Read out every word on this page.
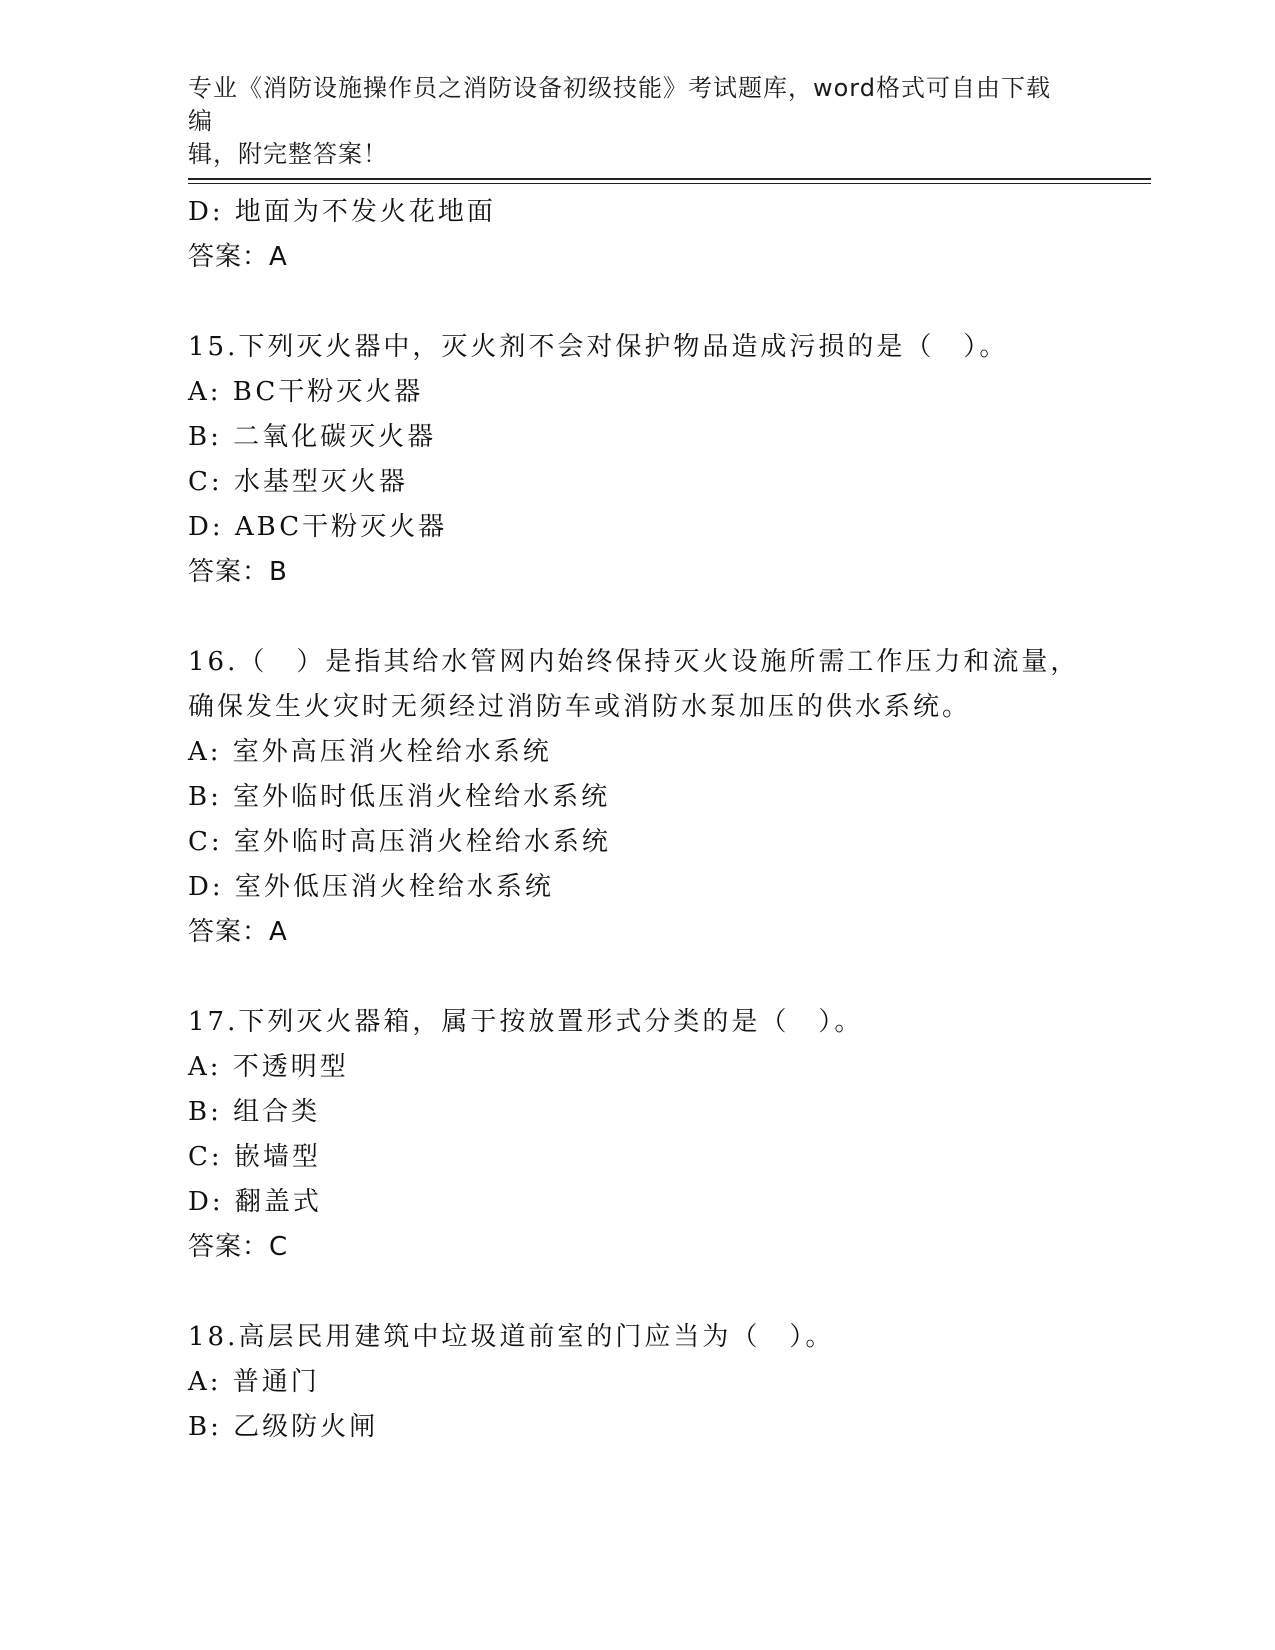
专业《消防设施操作员之消防设备初级技能》考试题库，word格式可自由下载编
辑，附完整答案！
D: 地面为不发火花地面
答案：A
15.下列灭火器中，灭火剂不会对保护物品造成污损的是（　）。
A: BC干粉灭火器
B: 二氧化碳灭火器
C: 水基型灭火器
D: ABC干粉灭火器
答案：B
16.（　）是指其给水管网内始终保持灭火设施所需工作压力和流量，
确保发生火灾时无须经过消防车或消防水泵加压的供水系统。
A: 室外高压消火栓给水系统
B: 室外临时低压消火栓给水系统
C: 室外临时高压消火栓给水系统
D: 室外低压消火栓给水系统
答案：A
17.下列灭火器箱，属于按放置形式分类的是（　）。
A: 不透明型
B: 组合类
C: 嵌墙型
D: 翻盖式
答案：C
18.高层民用建筑中垃圾道前室的门应当为（　）。
A: 普通门
B: 乙级防火闸
